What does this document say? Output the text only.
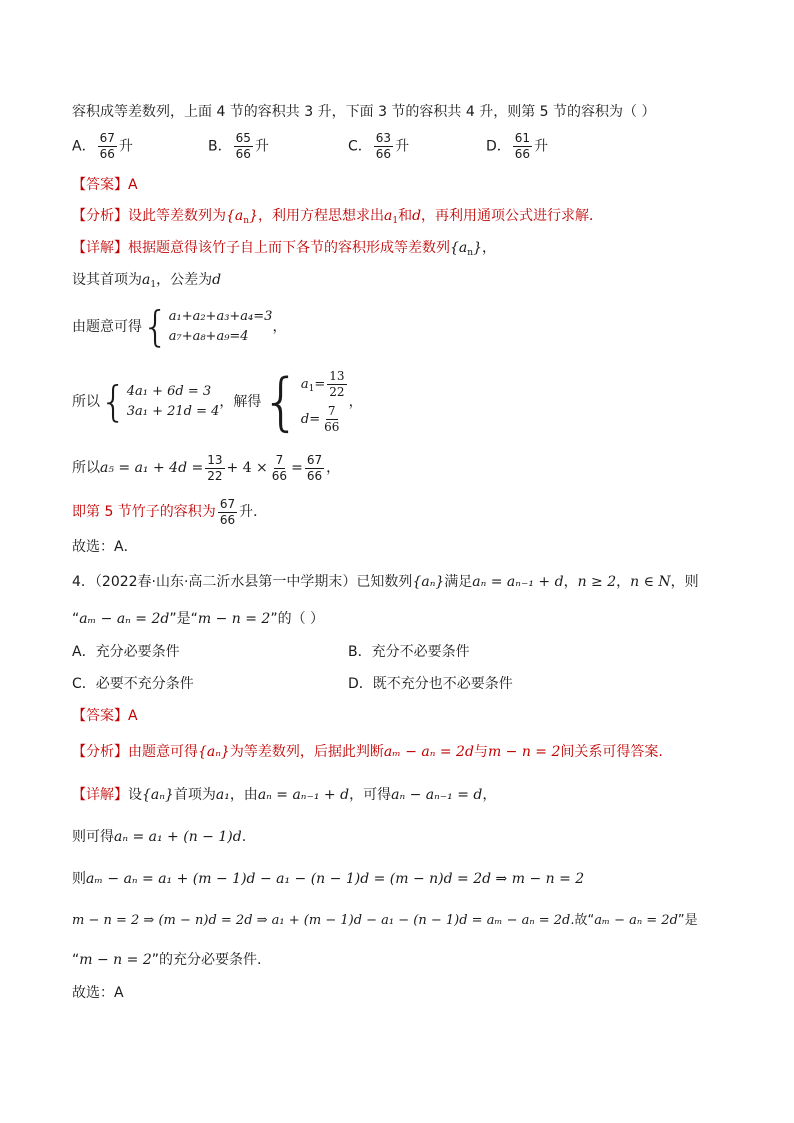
容积成等差数列，上面 4 节的容积共 3 升，下面 3 节的容积共 4 升，则第 5 节的容积为（ ）
A． $\frac{67}{66}$ 升	B． $\frac{65}{66}$ 升	C． $\frac{63}{66}$ 升	D． $\frac{61}{66}$ 升
【答案】A
【分析】设此等差数列为$\{a_n\}$，利用方程思想求出$a_1$和d，再利用通项公式进行求解．
【详解】根据题意得该竹子自上而下各节的容积形成等差数列$\{a_n\}$，
设其首项为$a_1$，公差为d
由题意可得{ a₁+a₂+a₃+a₄=3
a₇+a₈+a₉=4
，
所以{ 4a₁ + 6d = 3
3a₁ + 21d = 4
，解得{ $a_1= \frac{13}{22}$
$d= \frac{7}{66}$
，
所以$a_5 = a_1 + 4d = \frac{13}{22} + 4 \times \frac{7}{66} = \frac{67}{66}$ ，
即第 5 节竹子的容积为 $\frac{67}{66}$ 升．
故选：A．
4．（2022春·山东·高二沂水县第一中学期末）已知数列{aₙ}满足aₙ = aₙ₋₁ + d，n ≥ 2，n ∈ N，则
“aₘ − aₙ = 2d”是“m − n = 2”的（ ）
A．充分必要条件	B．充分不必要条件
C．必要不充分条件	D．既不充分也不必要条件
【答案】A
【分析】由题意可得{aₙ}为等差数列，后据此判断aₘ − aₙ = 2d与m − n = 2间关系可得答案.
【详解】设{aₙ}首项为a₁，由aₙ = aₙ₋₁ + d，可得aₙ − aₙ₋₁ = d，
则可得aₙ = a₁ + (n − 1)d.
则aₘ − aₙ = a₁ + (m − 1)d − a₁ − (n − 1)d = (m − n)d = 2d ⇒ m − n = 2
m − n = 2 ⇒ (m − n)d = 2d ⇒ a₁ + (m − 1)d − a₁ − (n − 1)d = aₘ − aₙ = 2d.故“aₘ − aₙ = 2d”是
“m − n = 2”的充分必要条件.
故选：A
